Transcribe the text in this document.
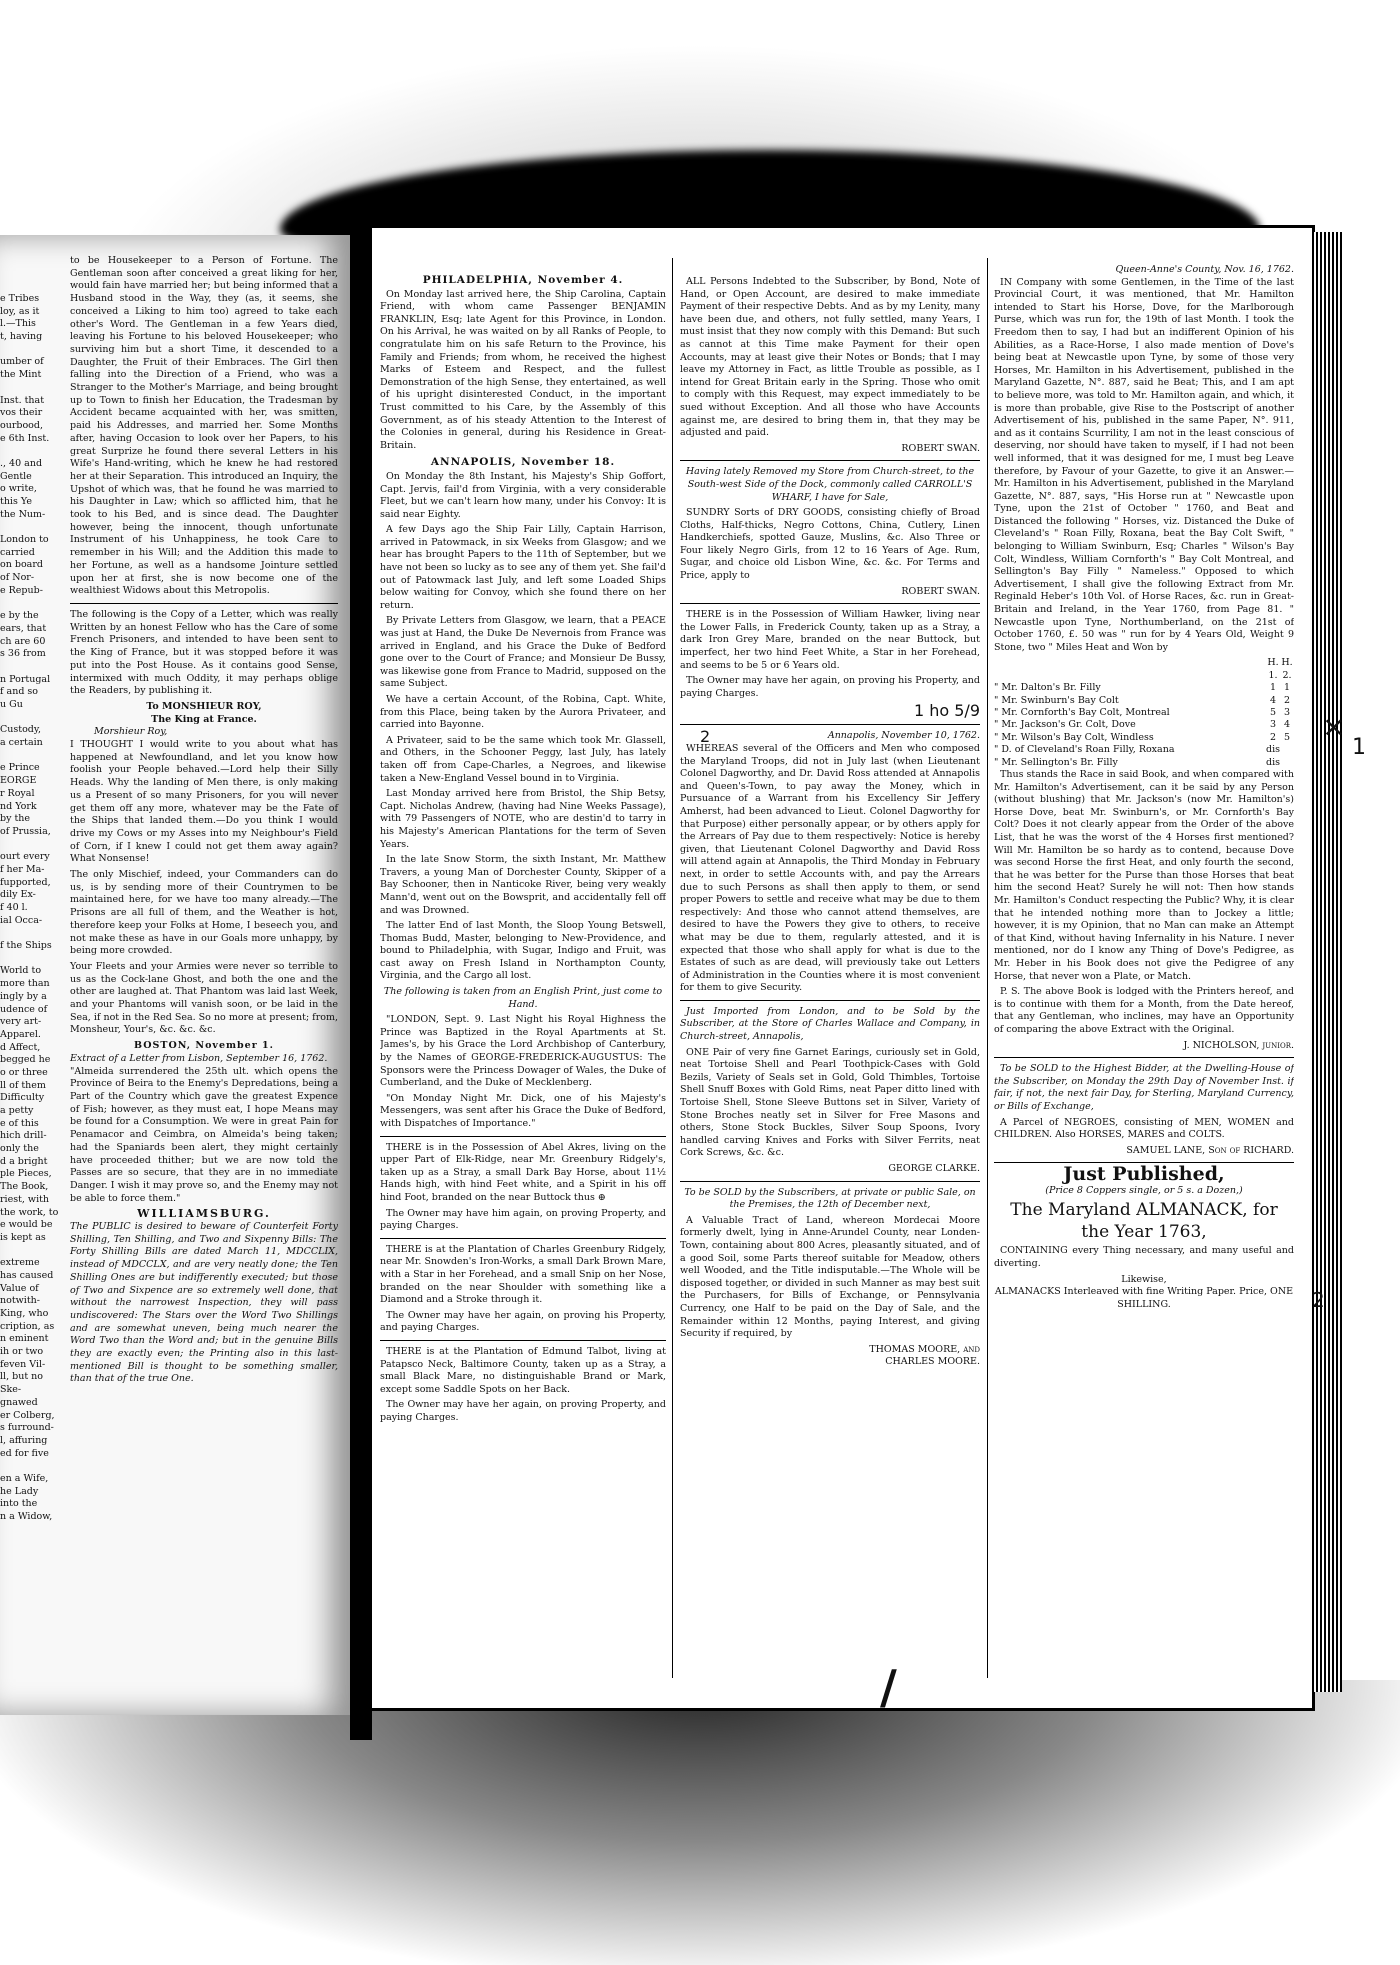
e Tribes
loy, as it
l.—This
t, having
umber of
the Mint
Inst. that
vos their
ourbood,
e 6th Inst.
., 40 and
Gentle
o write,
this Ye
the Num-
London to
carried
on board
of Nor-
e Repub-
e by the
ears, that
ch are 60
s 36 from
n Portugal
f and so
u Gu
Custody,
a certain
e Prince
EORGE
r Royal
nd York
by the
of Prussia,
ourt every
f her Ma-
fupported,
dily Ex-
f 40 l.
ial Occa-
f the Ships
World to
more than
ingly by a
udence of
very art-
Apparel.
d Affect,
begged he
o or three
ll of them
Difficulty
a petty
e of this
hich drill-
only the
d a bright
ple Pieces,
The Book,
riest, with
the work, to
e would be
is kept as
extreme
has caused
Value of
notwith-
King, who
cription, as
n eminent
ih or two
feven Vil-
ll, but no
Ske-
gnawed
er Colberg,
s furround-
l, affuring
ed for five
en a Wife,
he Lady
into the
n a Widow,

to be Housekeeper to a Person of Fortune. The Gentleman soon after conceived a great liking for her, would fain have married her; but being informed that a Husband stood in the Way, they (as, it seems, she conceived a Liking to him too) agreed to take each other's Word. The Gentleman in a few Years died, leaving his Fortune to his beloved Housekeeper; who surviving him but a short Time, it descended to a Daughter, the Fruit of their Embraces. The Girl then falling into the Direction of a Friend, who was a Stranger to the Mother's Marriage, and being brought up to Town to finish her Education, the Tradesman by Accident became acquainted with her, was smitten, paid his Addresses, and married her. Some Months after, having Occasion to look over her Papers, to his great Surprize he found there several Letters in his Wife's Hand-writing, which he knew he had restored her at their Separation. This introduced an Inquiry, the Upshot of which was, that he found he was married to his Daughter in Law; which so afflicted him, that he took to his Bed, and is since dead. The Daughter however, being the innocent, though unfortunate Instrument of his Unhappiness, he took Care to remember in his Will; and the Addition this made to her Fortune, as well as a handsome Jointure settled upon her at first, she is now become one of the wealthiest Widows about this Metropolis.

The following is the Copy of a Letter, which was really Written by an honest Fellow who has the Care of some French Prisoners, and intended to have been sent to the King of France, but it was stopped before it was put into the Post House. As it contains good Sense, intermixed with much Oddity, it may perhaps oblige the Readers, by publishing it.

To MONSHIEUR ROY,
The King at France.
Morshieur Roy,

I THOUGHT I would write to you about what has happened at Newfoundland, and let you know how foolish your People behaved.—Lord help their Silly Heads. Why the landing of Men there, is only making us a Present of so many Prisoners, for you will never get them off any more, whatever may be the Fate of the Ships that landed them.—Do you think I would drive my Cows or my Asses into my Neighbour's Field of Corn, if I knew I could not get them away again? What Nonsense!

The only Mischief, indeed, your Commanders can do us, is by sending more of their Countrymen to be maintained here, for we have too many already.—The Prisons are all full of them, and the Weather is hot, therefore keep your Folks at Home, I beseech you, and not make these as have in our Goals more unhappy, by being more crowded.

Your Fleets and your Armies were never so terrible to us as the Cock-lane Ghost, and both the one and the other are laughed at. That Phantom was laid last Week, and your Phantoms will vanish soon, or be laid in the Sea, if not in the Red Sea. So no more at present; from, Monsheur, Your's, &c. &c. &c.

BOSTON, November 1.
Extract of a Letter from Lisbon, September 16, 1762.

"Almeida surrendered the 25th ult. which opens the Province of Beira to the Enemy's Depredations, being a Part of the Country which gave the greatest Expence of Fish; however, as they must eat, I hope Means may be found for a Consumption. We were in great Pain for Penamacor and Ceimbra, on Almeida's being taken; had the Spaniards been alert, they might certainly have proceeded thither; but we are now told the Passes are so secure, that they are in no immediate Danger. I wish it may prove so, and the Enemy may not be able to force them."

WILLIAMSBURG.

The PUBLIC is desired to beware of Counterfeit Forty Shilling, Ten Shilling, and Two and Sixpenny Bills: The Forty Shilling Bills are dated March 11, MDCCLIX, instead of MDCCLX, and are very neatly done; the Ten Shilling Ones are but indifferently executed; but those of Two and Sixpence are so extremely well done, that without the narrowest Inspection, they will pass undiscovered: The Stars over the Word Two Shillings and are somewhat uneven, being much nearer the Word Two than the Word and; but in the genuine Bills they are exactly even; the Printing also in this last-mentioned Bill is thought to be something smaller, than that of the true One.

PHILADELPHIA, November 4.

On Monday last arrived here, the Ship Carolina, Captain Friend, with whom came Passenger BENJAMIN FRANKLIN, Esq; late Agent for this Province, in London. On his Arrival, he was waited on by all Ranks of People, to congratulate him on his safe Return to the Province, his Family and Friends; from whom, he received the highest Marks of Esteem and Respect, and the fullest Demonstration of the high Sense, they entertained, as well of his upright disinterested Conduct, in the important Trust committed to his Care, by the Assembly of this Government, as of his steady Attention to the Interest of the Colonies in general, during his Residence in Great-Britain.

ANNAPOLIS, November 18.

On Monday the 8th Instant, his Majesty's Ship Goffort, Capt. Jervis, fail'd from Virginia, with a very considerable Fleet, but we can't learn how many, under his Convoy: It is said near Eighty.

A few Days ago the Ship Fair Lilly, Captain Harrison, arrived in Patowmack, in six Weeks from Glasgow; and we hear has brought Papers to the 11th of September, but we have not been so lucky as to see any of them yet. She fail'd out of Patowmack last July, and left some Loaded Ships below waiting for Convoy, which she found there on her return.

By Private Letters from Glasgow, we learn, that a PEACE was just at Hand, the Duke De Nevernois from France was arrived in England, and his Grace the Duke of Bedford gone over to the Court of France; and Monsieur De Bussy, was likewise gone from France to Madrid, supposed on the same Subject.

We have a certain Account, of the Robina, Capt. White, from this Place, being taken by the Aurora Privateer, and carried into Bayonne.

A Privateer, said to be the same which took Mr. Glassell, and Others, in the Schooner Peggy, last July, has lately taken off from Cape-Charles, a Negroes, and likewise taken a New-England Vessel bound in to Virginia.

Last Monday arrived here from Bristol, the Ship Betsy, Capt. Nicholas Andrew, (having had Nine Weeks Passage), with 79 Passengers of NOTE, who are destin'd to tarry in his Majesty's American Plantations for the term of Seven Years.

In the late Snow Storm, the sixth Instant, Mr. Matthew Travers, a young Man of Dorchester County, Skipper of a Bay Schooner, then in Nanticoke River, being very weakly Mann'd, went out on the Bowsprit, and accidentally fell off and was Drowned.

The latter End of last Month, the Sloop Young Betswell, Thomas Budd, Master, belonging to New-Providence, and bound to Philadelphia, with Sugar, Indigo and Fruit, was cast away on Fresh Island in Northampton County, Virginia, and the Cargo all lost.

The following is taken from an English Print, just come to Hand.

"LONDON, Sept. 9. Last Night his Royal Highness the Prince was Baptized in the Royal Apartments at St. James's, by his Grace the Lord Archbishop of Canterbury, by the Names of GEORGE-FREDERICK-AUGUSTUS: The Sponsors were the Princess Dowager of Wales, the Duke of Cumberland, and the Duke of Mecklenberg.

"On Monday Night Mr. Dick, one of his Majesty's Messengers, was sent after his Grace the Duke of Bedford, with Dispatches of Importance."

THERE is in the Possession of Abel Akres, living on the upper Part of Elk-Ridge, near Mr. Greenbury Ridgely's, taken up as a Stray, a small Dark Bay Horse, about 11½ Hands high, with hind Feet white, and a Spirit in his off hind Foot, branded on the near Buttock thus ⊕

The Owner may have him again, on proving Property, and paying Charges.

THERE is at the Plantation of Charles Greenbury Ridgely, near Mr. Snowden's Iron-Works, a small Dark Brown Mare, with a Star in her Forehead, and a small Snip on her Nose, branded on the near Shoulder with something like a Diamond and a Stroke through it.

The Owner may have her again, on proving his Property, and paying Charges.

THERE is at the Plantation of Edmund Talbot, living at Patapsco Neck, Baltimore County, taken up as a Stray, a small Black Mare, no distinguishable Brand or Mark, except some Saddle Spots on her Back.

The Owner may have her again, on proving Property, and paying Charges.

ALL Persons Indebted to the Subscriber, by Bond, Note of Hand, or Open Account, are desired to make immediate Payment of their respective Debts. And as by my Lenity, many have been due, and others, not fully settled, many Years, I must insist that they now comply with this Demand: But such as cannot at this Time make Payment for their open Accounts, may at least give their Notes or Bonds; that I may leave my Attorney in Fact, as little Trouble as possible, as I intend for Great Britain early in the Spring. Those who omit to comply with this Request, may expect immediately to be sued without Exception. And all those who have Accounts against me, are desired to bring them in, that they may be adjusted and paid.

ROBERT SWAN.

Having lately Removed my Store from Church-street, to the South-west Side of the Dock, commonly called CARROLL'S WHARF, I have for Sale,

SUNDRY Sorts of DRY GOODS, consisting chiefly of Broad Cloths, Half-thicks, Negro Cottons, China, Cutlery, Linen Handkerchiefs, spotted Gauze, Muslins, &c. Also Three or Four likely Negro Girls, from 12 to 16 Years of Age. Rum, Sugar, and choice old Lisbon Wine, &c. &c. For Terms and Price, apply to

ROBERT SWAN.

THERE is in the Possession of William Hawker, living near the Lower Falls, in Frederick County, taken up as a Stray, a dark Iron Grey Mare, branded on the near Buttock, but imperfect, her two hind Feet White, a Star in her Forehead, and seems to be 5 or 6 Years old.

The Owner may have her again, on proving his Property, and paying Charges.

1 ho 5/9
2	Annapolis, November 10, 1762.

WHEREAS several of the Officers and Men who composed the Maryland Troops, did not in July last (when Lieutenant Colonel Dagworthy, and Dr. David Ross attended at Annapolis and Queen's-Town, to pay away the Money, which in Pursuance of a Warrant from his Excellency Sir Jeffery Amherst, had been advanced to Lieut. Colonel Dagworthy for that Purpose) either personally appear, or by others apply for the Arrears of Pay due to them respectively: Notice is hereby given, that Lieutenant Colonel Dagworthy and David Ross will attend again at Annapolis, the Third Monday in February next, in order to settle Accounts with, and pay the Arrears due to such Persons as shall then apply to them, or send proper Powers to settle and receive what may be due to them respectively: And those who cannot attend themselves, are desired to have the Powers they give to others, to receive what may be due to them, regularly attested, and it is expected that those who shall apply for what is due to the Estates of such as are dead, will previously take out Letters of Administration in the Counties where it is most convenient for them to give Security.

Just Imported from London, and to be Sold by the Subscriber, at the Store of Charles Wallace and Company, in Church-street, Annapolis,

ONE Pair of very fine Garnet Earings, curiously set in Gold, neat Tortoise Shell and Pearl Toothpick-Cases with Gold Bezils, Variety of Seals set in Gold, Gold Thimbles, Tortoise Shell Snuff Boxes with Gold Rims, neat Paper ditto lined with Tortoise Shell, Stone Sleeve Buttons set in Silver, Variety of Stone Broches neatly set in Silver for Free Masons and others, Stone Stock Buckles, Silver Soup Spoons, Ivory handled carving Knives and Forks with Silver Ferrits, neat Cork Screws, &c. &c.

GEORGE CLARKE.

To be SOLD by the Subscribers, at private or public Sale, on the Premises, the 12th of December next,

A Valuable Tract of Land, whereon Mordecai Moore formerly dwelt, lying in Anne-Arundel County, near Londen-Town, containing about 800 Acres, pleasantly situated, and of a good Soil, some Parts thereof suitable for Meadow, others well Wooded, and the Title indisputable.—The Whole will be disposed together, or divided in such Manner as may best suit the Purchasers, for Bills of Exchange, or Pennsylvania Currency, one Half to be paid on the Day of Sale, and the Remainder within 12 Months, paying Interest, and giving Security if required, by

THOMAS MOORE, and
CHARLES MOORE.
Queen-Anne's County, Nov. 16, 1762.

IN Company with some Gentlemen, in the Time of the last Provincial Court, it was mentioned, that Mr. Hamilton intended to Start his Horse, Dove, for the Marlborough Purse, which was run for, the 19th of last Month. I took the Freedom then to say, I had but an indifferent Opinion of his Abilities, as a Race-Horse, I also made mention of Dove's being beat at Newcastle upon Tyne, by some of those very Horses, Mr. Hamilton in his Advertisement, published in the Maryland Gazette, N°. 887, said he Beat; This, and I am apt to believe more, was told to Mr. Hamilton again, and which, it is more than probable, give Rise to the Postscript of another Advertisement of his, published in the same Paper, N°. 911, and as it contains Scurrility, I am not in the least conscious of deserving, nor should have taken to myself, if I had not been well informed, that it was designed for me, I must beg Leave therefore, by Favour of your Gazette, to give it an Answer.—Mr. Hamilton in his Advertisement, published in the Maryland Gazette, N°. 887, says, "His Horse run at " Newcastle upon Tyne, upon the 21st of October " 1760, and Beat and Distanced the following " Horses, viz. Distanced the Duke of Cleveland's " Roan Filly, Roxana, beat the Bay Colt Swift, " belonging to William Swinburn, Esq; Charles " Wilson's Bay Colt, Windless, William Cornforth's " Bay Colt Montreal, and Sellington's Bay Filly " Nameless." Opposed to which Advertisement, I shall give the following Extract from Mr. Reginald Heber's 10th Vol. of Horse Races, &c. run in Great-Britain and Ireland, in the Year 1760, from Page 81. " Newcastle upon Tyne, Northumberland, on the 21st of October 1760, £. 50 was " run for by 4 Years Old, Weight 9 Stone, two " Miles Heat and Won by

	H. 1.	H. 2.
" Mr. Dalton's Br. Filly	1	1
" Mr. Swinburn's Bay Colt	4	2
" Mr. Cornforth's Bay Colt, Montreal	5	3
" Mr. Jackson's Gr. Colt, Dove	3	4
" Mr. Wilson's Bay Colt, Windless	2	5
" D. of Cleveland's Roan Filly, Roxana	dis	
" Mr. Sellington's Br. Filly	dis	

Thus stands the Race in said Book, and when compared with Mr. Hamilton's Advertisement, can it be said by any Person (without blushing) that Mr. Jackson's (now Mr. Hamilton's) Horse Dove, beat Mr. Swinburn's, or Mr. Cornforth's Bay Colt? Does it not clearly appear from the Order of the above List, that he was the worst of the 4 Horses first mentioned? Will Mr. Hamilton be so hardy as to contend, because Dove was second Horse the first Heat, and only fourth the second, that he was better for the Purse than those Horses that beat him the second Heat? Surely he will not: Then how stands Mr. Hamilton's Conduct respecting the Public? Why, it is clear that he intended nothing more than to Jockey a little; however, it is my Opinion, that no Man can make an Attempt of that Kind, without having Infernality in his Nature. I never mentioned, nor do I know any Thing of Dove's Pedigree, as Mr. Heber in his Book does not give the Pedigree of any Horse, that never won a Plate, or Match.

P. S. The above Book is lodged with the Printers hereof, and is to continue with them for a Month, from the Date hereof, that any Gentleman, who inclines, may have an Opportunity of comparing the above Extract with the Original.

J. NICHOLSON, junior.

To be SOLD to the Highest Bidder, at the Dwelling-House of the Subscriber, on Monday the 29th Day of November Inst. if fair, if not, the next fair Day, for Sterling, Maryland Currency, or Bills of Exchange,

A Parcel of NEGROES, consisting of MEN, WOMEN and CHILDREN. Also HORSES, MARES and COLTS.

SAMUEL LANE, Son of RICHARD.
Just Published,
(Price 8 Coppers single, or 5 s. a Dozen,)
The Maryland ALMANACK, for the Year 1763,

CONTAINING every Thing necessary, and many useful and diverting.

Likewise,
ALMANACKS Interleaved with fine Writing Paper. Price, ONE SHILLING.
×
1
2
/
